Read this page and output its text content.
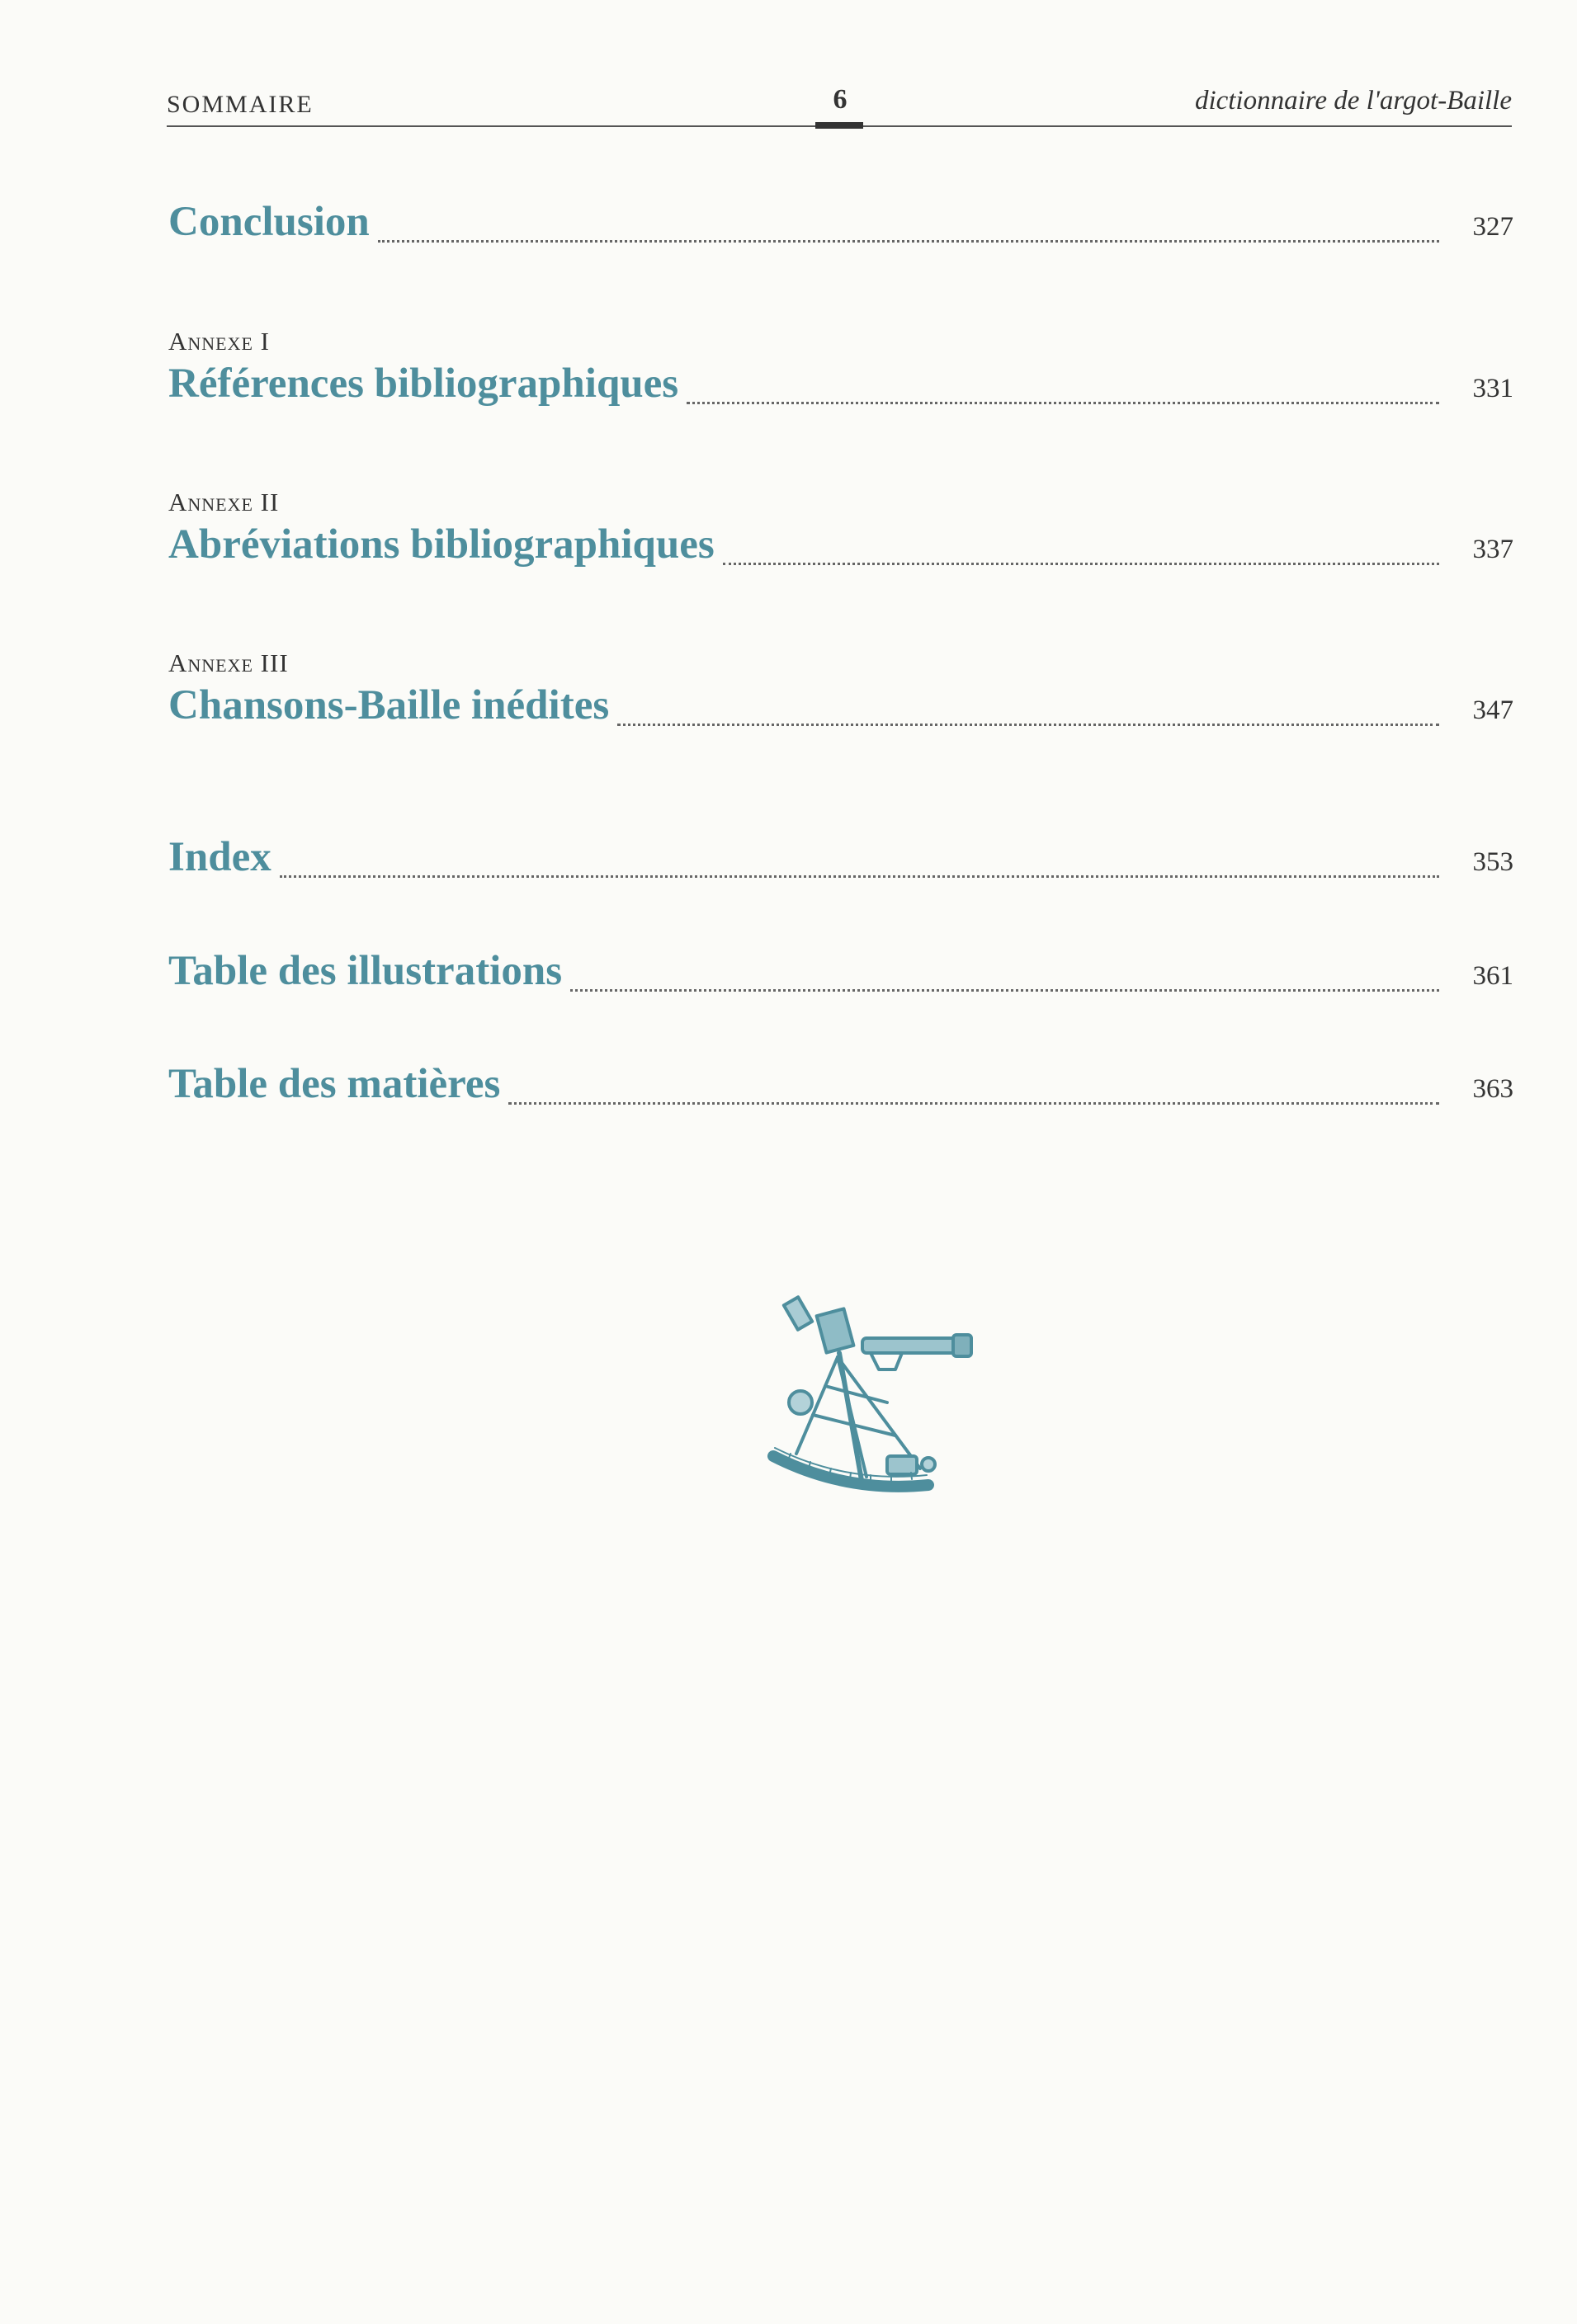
SOMMAIRE	6	dictionnaire de l'argot-Baille
Conclusion	327
Annexe I
Références bibliographiques	331
Annexe II
Abréviations bibliographiques	337
Annexe III
Chansons-Baille inédites	347
Index	353
Table des illustrations	361
Table des matières	363
